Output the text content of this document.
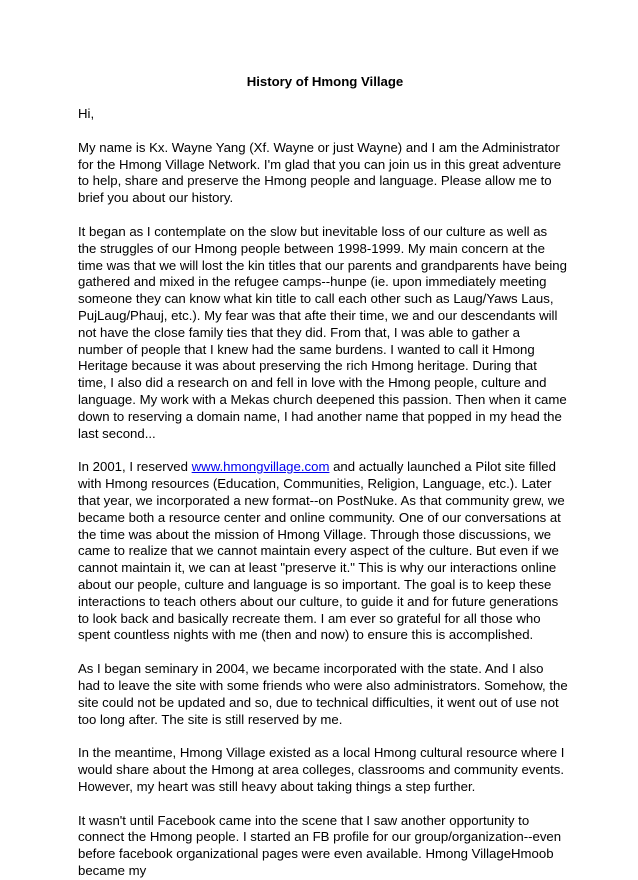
History of Hmong Village

Hi,

My name is Kx. Wayne Yang (Xf. Wayne or just Wayne) and I am the Administrator for the Hmong Village Network. I'm glad that you can join us in this great adventure to help, share and preserve the Hmong people and language. Please allow me to brief you about our history.

It began as I contemplate on the slow but inevitable loss of our culture as well as the struggles of our Hmong people between 1998-1999. My main concern at the time was that we will lost the kin titles that our parents and grandparents have being gathered and mixed in the refugee camps--hunpe (ie. upon immediately meeting someone they can know what kin title to call each other such as Laug/Yaws Laus, PujLaug/Phauj, etc.). My fear was that afte their time, we and our descendants will not have the close family ties that they did. From that, I was able to gather a number of people that I knew had the same burdens. I wanted to call it Hmong Heritage because it was about preserving the rich Hmong heritage. During that time, I also did a research on and fell in love with the Hmong people, culture and language. My work with a Mekas church deepened this passion. Then when it came down to reserving a domain name, I had another name that popped in my head the last second...

In 2001, I reserved www.hmongvillage.com and actually launched a Pilot site filled with Hmong resources (Education, Communities, Religion, Language, etc.). Later that year, we incorporated a new format--on PostNuke. As that community grew, we became both a resource center and online community. One of our conversations at the time was about the mission of Hmong Village. Through those discussions, we came to realize that we cannot maintain every aspect of the culture. But even if we cannot maintain it, we can at least "preserve it." This is why our interactions online about our people, culture and language is so important. The goal is to keep these interactions to teach others about our culture, to guide it and for future generations to look back and basically recreate them. I am ever so grateful for all those who spent countless nights with me (then and now) to ensure this is accomplished.

As I began seminary in 2004, we became incorporated with the state. And I also had to leave the site with some friends who were also administrators. Somehow, the site could not be updated and so, due to technical difficulties, it went out of use not too long after. The site is still reserved by me.

In the meantime, Hmong Village existed as a local Hmong cultural resource where I would share about the Hmong at area colleges, classrooms and community events. However, my heart was still heavy about taking things a step further.

It wasn't until Facebook came into the scene that I saw another opportunity to connect the Hmong people. I started an FB profile for our group/organization--even before facebook organizational pages were even available. Hmong VillageHmoob became my
